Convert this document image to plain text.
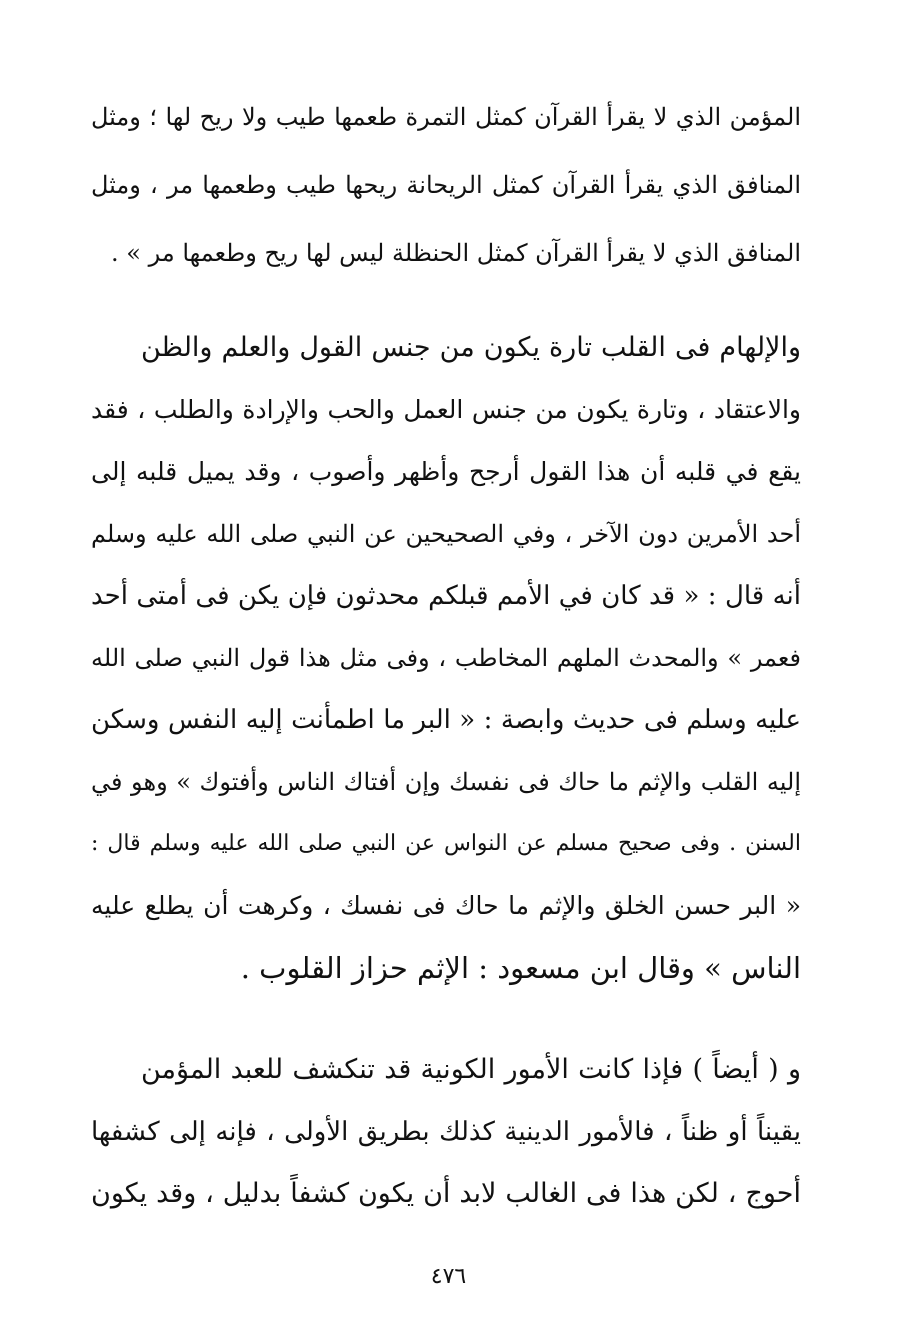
المؤمن الذي لا يقرأ القرآن كمثل التمرة طعمها طيب ولا ريح لها ؛ ومثل
المنافق الذي يقرأ القرآن كمثل الريحانة ريحها طيب وطعمها مر ، ومثل
المنافق الذي لا يقرأ القرآن كمثل الحنظلة ليس لها ريح وطعمها مر » .
والإلهام فى القلب تارة يكون من جنس القول والعلم والظن
والاعتقاد ، وتارة يكون من جنس العمل والحب والإرادة والطلب ، فقد
يقع في قلبه أن هذا القول أرجح وأظهر وأصوب ، وقد يميل قلبه إلى
أحد الأمرين دون الآخر ، وفي الصحيحين عن النبي صلى الله عليه وسلم
أنه قال : « قد كان في الأمم قبلكم محدثون فإن يكن فى أمتى أحد
فعمر » والمحدث الملهم المخاطب ، وفى مثل هذا قول النبي صلى الله
عليه وسلم فى حديث وابصة : « البر ما اطمأنت إليه النفس وسكن
إليه القلب والإثم ما حاك فى نفسك وإن أفتاك الناس وأفتوك » وهو في
السنن . وفى صحيح مسلم عن النواس عن النبي صلى الله عليه وسلم قال :
« البر حسن الخلق والإثم ما حاك فى نفسك ، وكرهت أن يطلع عليه
الناس » وقال ابن مسعود : الإثم حزاز القلوب .
و ( أيضاً ) فإذا كانت الأمور الكونية قد تنكشف للعبد المؤمن
يقيناً أو ظناً ، فالأمور الدينية كذلك بطريق الأولى ، فإنه إلى كشفها
أحوج ، لكن هذا فى الغالب لابد أن يكون كشفاً بدليل ، وقد يكون
٤٧٦
